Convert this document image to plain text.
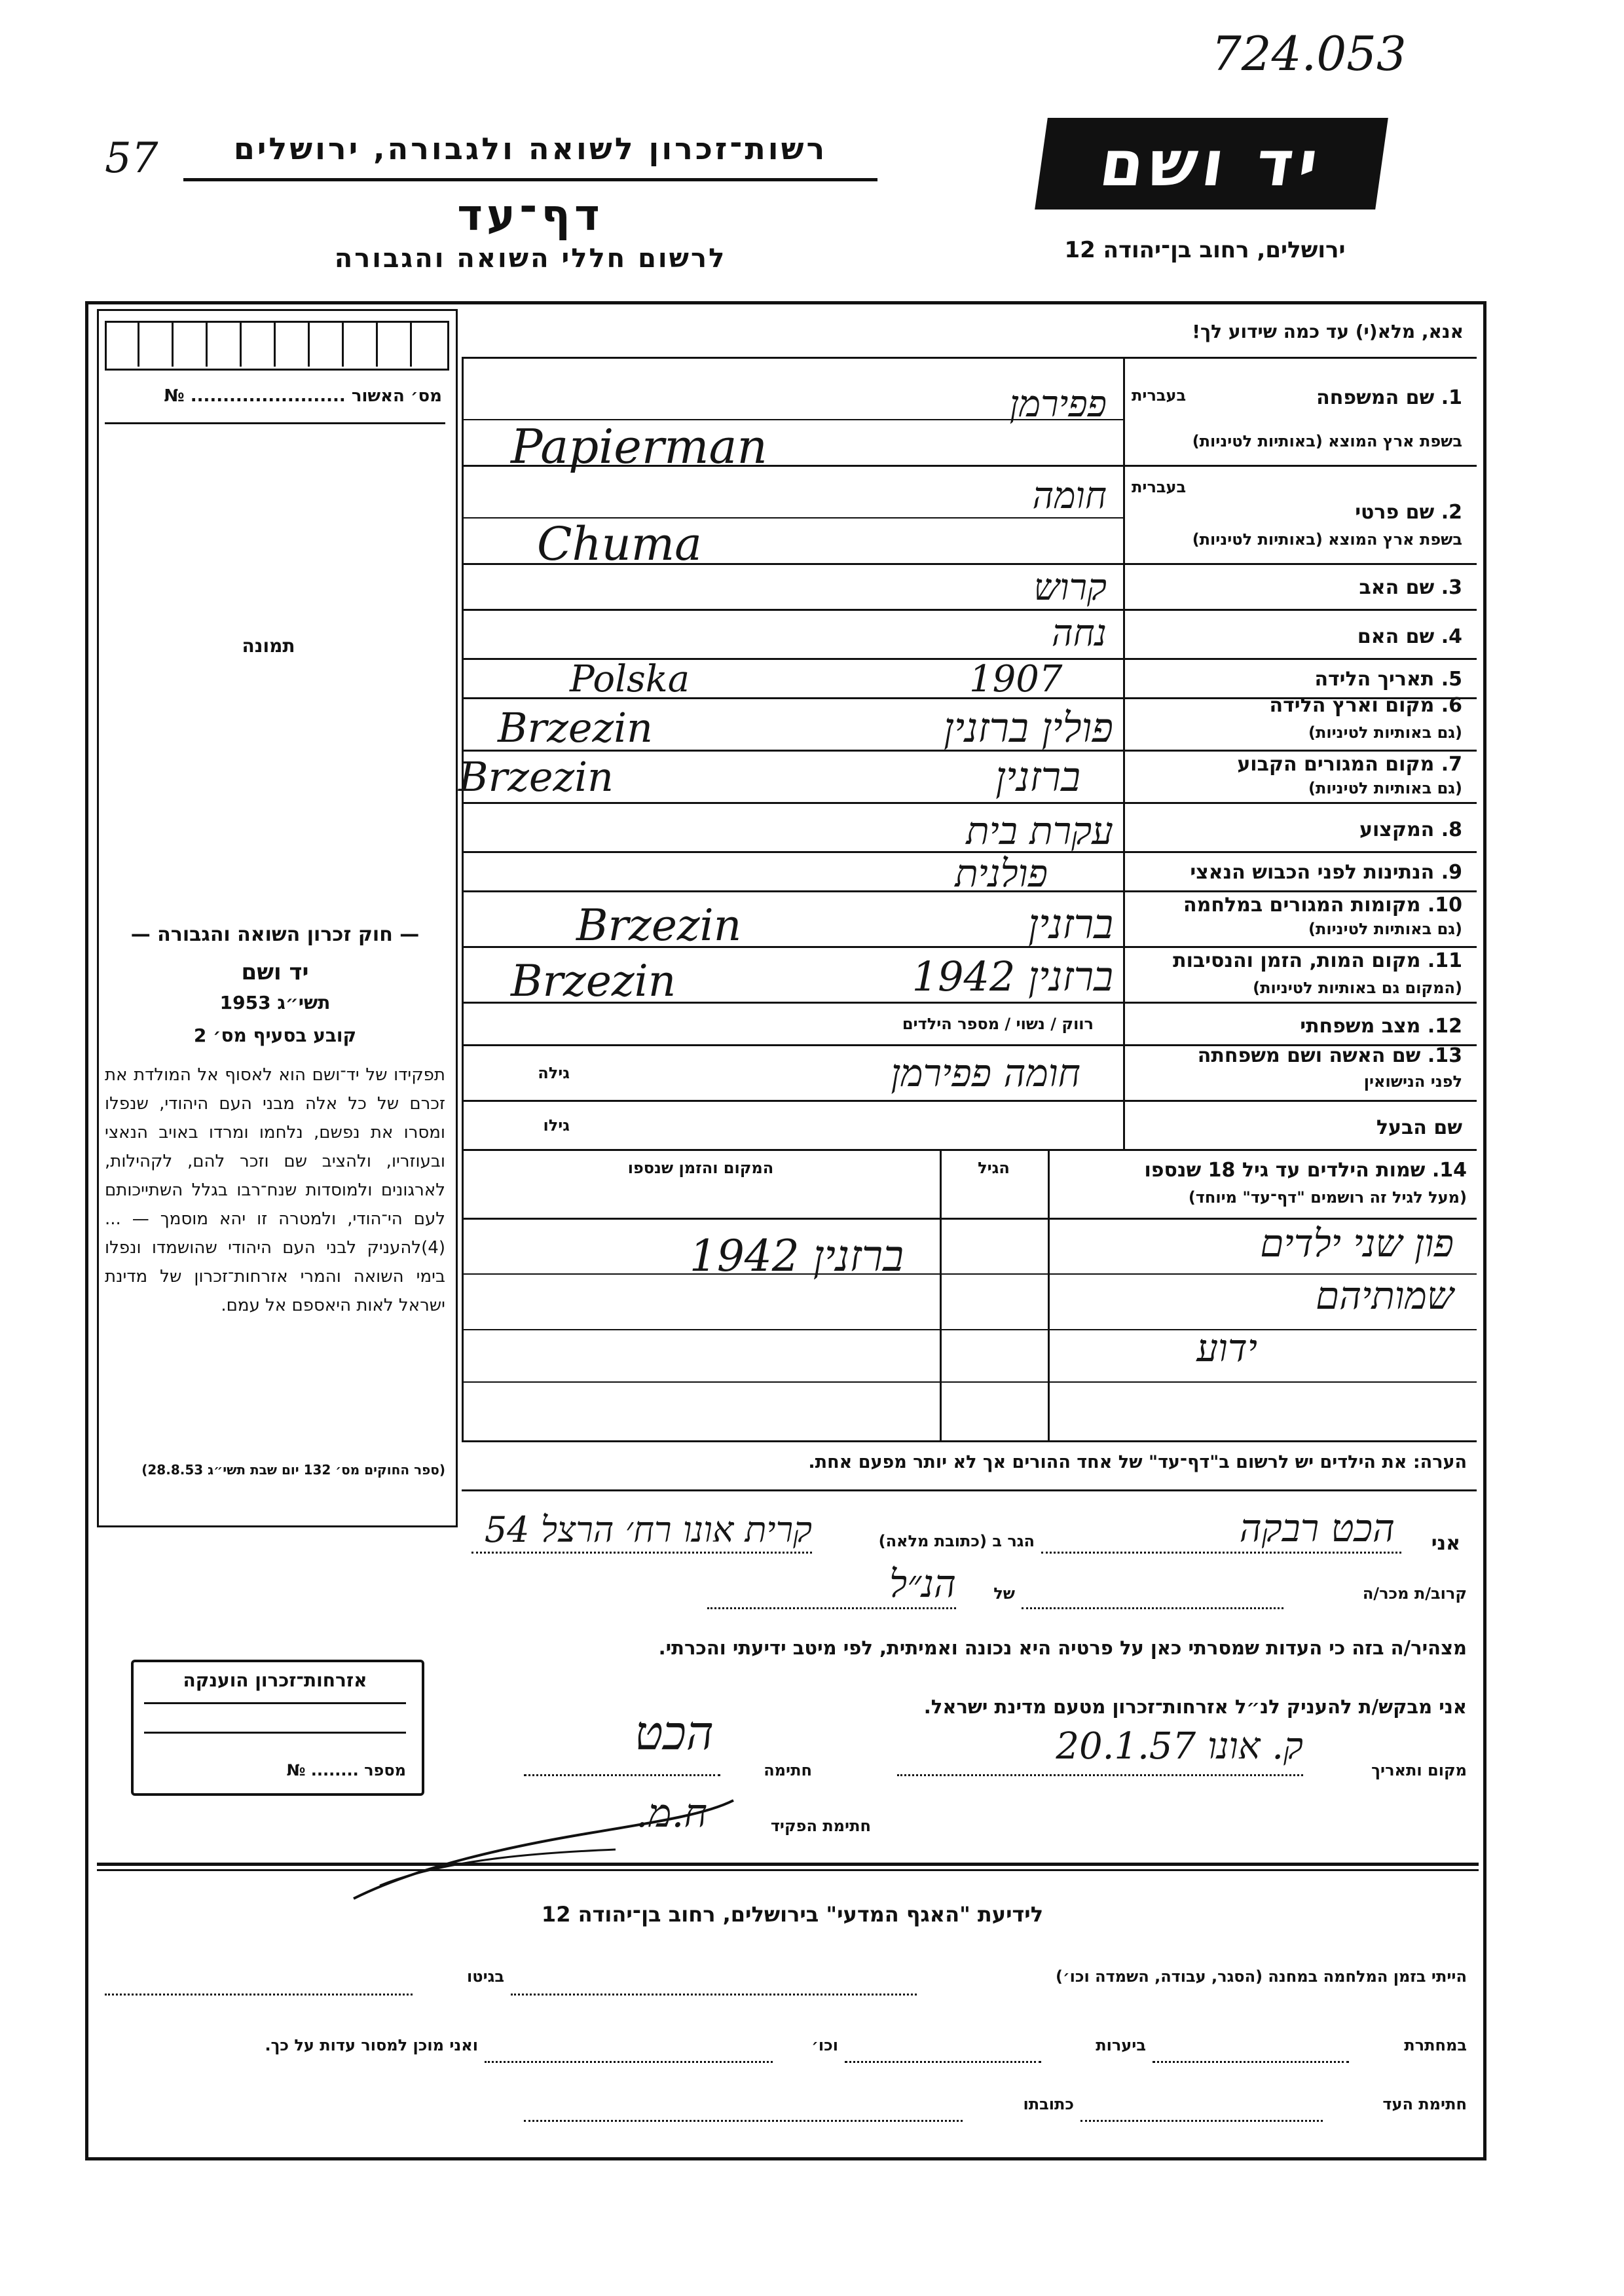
724.053
57	רשות־זכרון לשואה ולגבורה, ירושלים
דף־עד
לרשום חללי השואה והגבורה
יד ושם
ירושלים, רחוב בן־יהודה 12
מס׳ האשור ........................ №
תמונה
— חוק זכרון השואה והגבורה —
יד ושם
תשי״ג 1953
קובע בסעיף מס׳ 2
תפקידו של יד־ושם הוא לאסוף אל המולדת את זכרם של כל אלה מבני העם היהודי, שנפלו ומסרו את נפשם, נלחמו ומרדו באויב הנאצי ובעוזריו, ולהציב שם וזכר להם, לקהילות, לארגונים ולמוסדות שנח־רבו בגלל השתייכותם לעם הי־הודי, ולמטרה זו יהא מוסמך — ...(4)להעניק לבני העם היהודי שהושמדו ונפלו בימי השואה והמרי אזרחות־זכרון של מדינת ישראל לאות היאספם אל עמם.
(ספר החוקים מס׳ 132 יום שבת תשי״ג 28.8.53)
אזרחות־זכרון הוענקה
מספר ........ №
אנא, מלא(י) עד כמה שידוע לך!
1. שם המשפחה
בשפת ארץ המוצא (באותיות לטיניות)
בעברית
פפירמן
Papierman
2. שם פרטי
בשפת ארץ המוצא (באותיות לטיניות)
בעברית
חומה
Chuma
3. שם האב
קרוש
4. שם האם
נחה
5. תאריך הלידה
1907
6. מקום וארץ הלידה
(גם באותיות לטיניות)
Polska
פולין ברזנין
Brzezin
7. מקום המגורים הקבוע
(גם באותיות לטיניות)
ברזנין
Brzezin
8. המקצוע
עקרת בית
9. הנתינות לפני הכבוש הנאצי
פולנית
10. מקומות המגורים במלחמה
(גם באותיות לטיניות)
ברזנין
Brzezin
11. מקום המות, הזמן והנסיבות
(המקום גם באותיות לטיניות)
ברזנין 1942
Brzezin
12. מצב משפחתי
רווק / נשוי / מספר הילדים
13. שם האשה ושם משפחתה
לפני הנישואין
גילה	חומה פפירמן
שם הבעל
גילו
14. שמות הילדים עד גיל 18 שנספו
(מעל לגיל זה רושמים "דף־עד" מיוחד)
הגיל
המקום והזמן שנספו
פון שני ילדים
שמותיהם
ידוע
ברזנין 1942
הערה: את הילדים יש לרשום ב"דף־עד" של אחד ההורים אך לא יותר מפעם אחת.
אני
הכט רבקה
הגר ב (כתובת מלאה)
קרית אונו רח׳ הרצל 54
קרוב/ת מכר/ה
של
הנ״ל
מצהיר/ה בזה כי העדות שמסרתי כאן על פרטיה היא נכונה ואמיתית, לפי מיטב ידיעתי והכרתי.
אני מבקש/ת להעניק לנ״ל אזרחות־זכרון מטעם מדינת ישראל.
מקום ותאריך
ק. אונו 20.1.57
חתימה
הכט
חתימת הפקיד
ח.מ.
לידיעת "האגף המדעי" בירושלים, רחוב בן־יהודה 12
הייתי בזמן המלחמה במחנה (הסגר, עבודה, השמדה וכו׳)
בגיטו
במחתרת
ביערות
וכו׳
ואני מוכן למסור עדות על כך.
חתימת העד
כתובתו
